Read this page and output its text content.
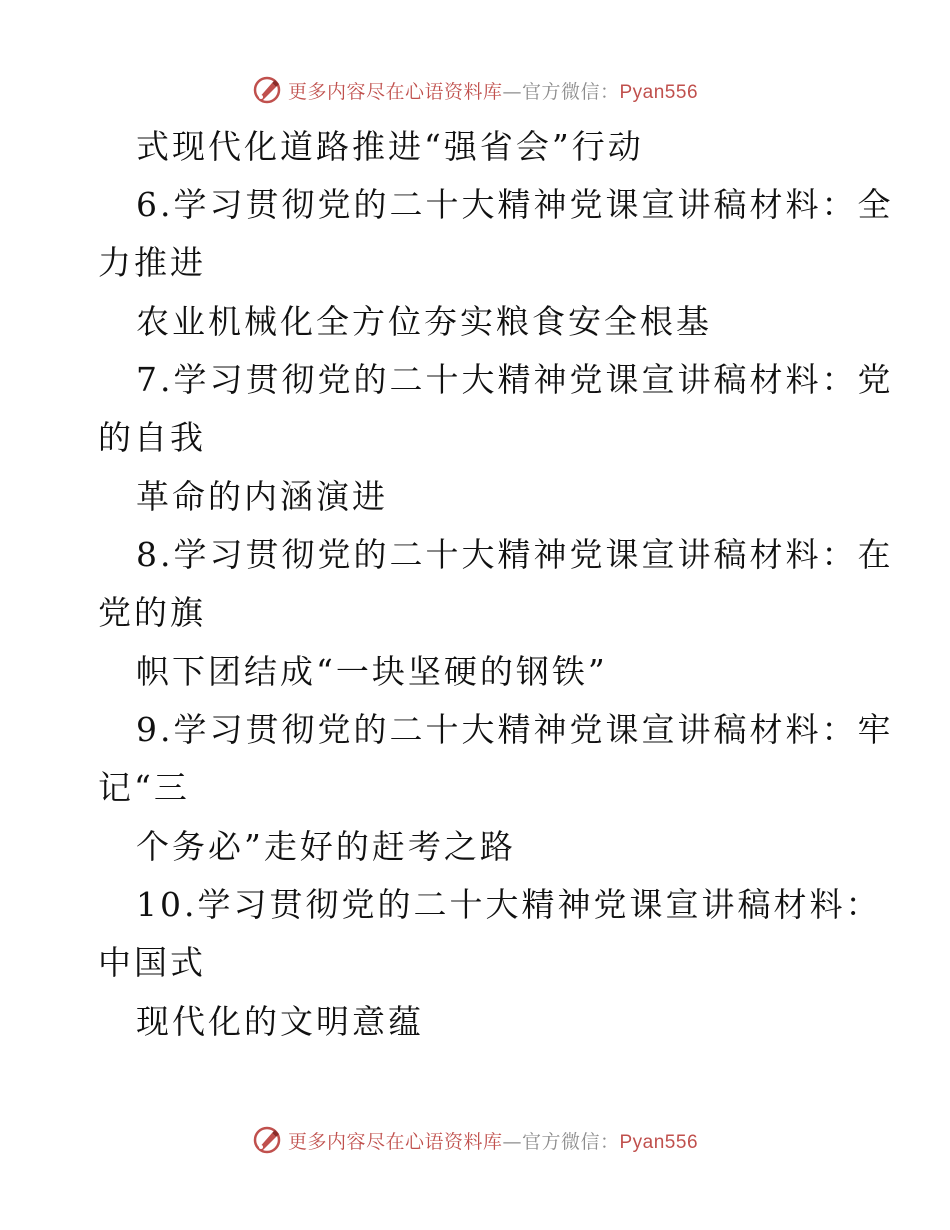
更多内容尽在心语资料库—官方微信：Pyan556
式现代化道路推进“强省会”行动
6.学习贯彻党的二十大精神党课宣讲稿材料：全
力推进
农业机械化全方位夯实粮食安全根基
7.学习贯彻党的二十大精神党课宣讲稿材料：党
的自我
革命的内涵演进
8.学习贯彻党的二十大精神党课宣讲稿材料：在
党的旗
帜下团结成“一块坚硬的钢铁”
9.学习贯彻党的二十大精神党课宣讲稿材料：牢
记“三
个务必”走好的赶考之路
10.学习贯彻党的二十大精神党课宣讲稿材料：
中国式
现代化的文明意蕴
更多内容尽在心语资料库—官方微信：Pyan556
